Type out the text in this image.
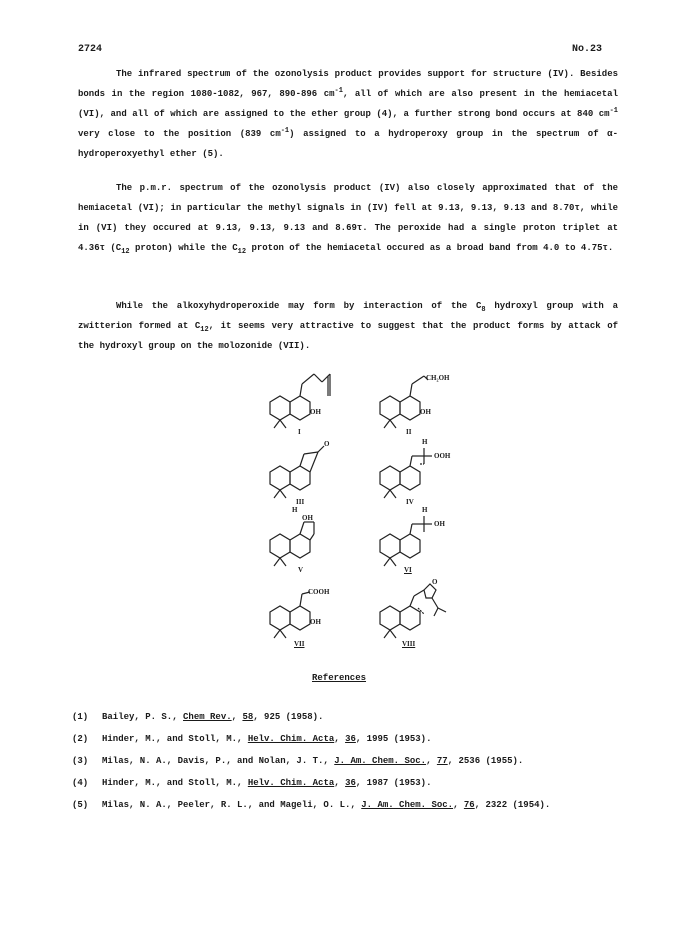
2724	No.23

The infrared spectrum of the ozonolysis product provides support for structure (IV). Besides bonds in the region 1080-1082, 967, 890-896 $cm^{-1}$, all of which are also present in the hemiacetal (VI), and all of which are assigned to the ether group (4), a further strong bond occurs at 840 $cm^{-1}$ very close to the position (839 $cm^{-1}$) assigned to a hydroperoxy group in the spectrum of α-hydroperoxyethyl ether (5).

The p.m.r. spectrum of the ozonolysis product (IV) also closely approximated that of the hemiacetal (VI); in particular the methyl signals in (IV) fell at 9.13, 9.13, 9.13 and 8.70τ, while in (VI) they occured at 9.13, 9.13, 9.13 and 8.69τ. The peroxide had a single proton triplet at 4.36τ ($C_{12}$ proton) while the $C_{12}$ proton of the hemiacetal occured as a broad band from 4.0 to 4.75τ.

While the alkoxyhydroperoxide may form by interaction of the $C_8$ hydroxyl group with a zwitterion formed at $C_{12}$, it seems very attractive to suggest that the product forms by attack of the hydroxyl group on the molozonide (VII).

OH
I
CH₂OH
OH
II
O
III
H
OOH
IV
H
OH
V
H
OH
VI
COOH
OH
VII
O
VIII
References
(1) Bailey, P. S., Chem Rev., 58, 925 (1958).
(2) Hinder, M., and Stoll, M., Helv. Chim. Acta, 36, 1995 (1953).
(3) Milas, N. A., Davis, P., and Nolan, J. T., J. Am. Chem. Soc., 77, 2536 (1955).
(4) Hinder, M., and Stoll, M., Helv. Chim. Acta, 36, 1987 (1953).
(5) Milas, N. A., Peeler, R. L., and Mageli, O. L., J. Am. Chem. Soc., 76, 2322 (1954).
